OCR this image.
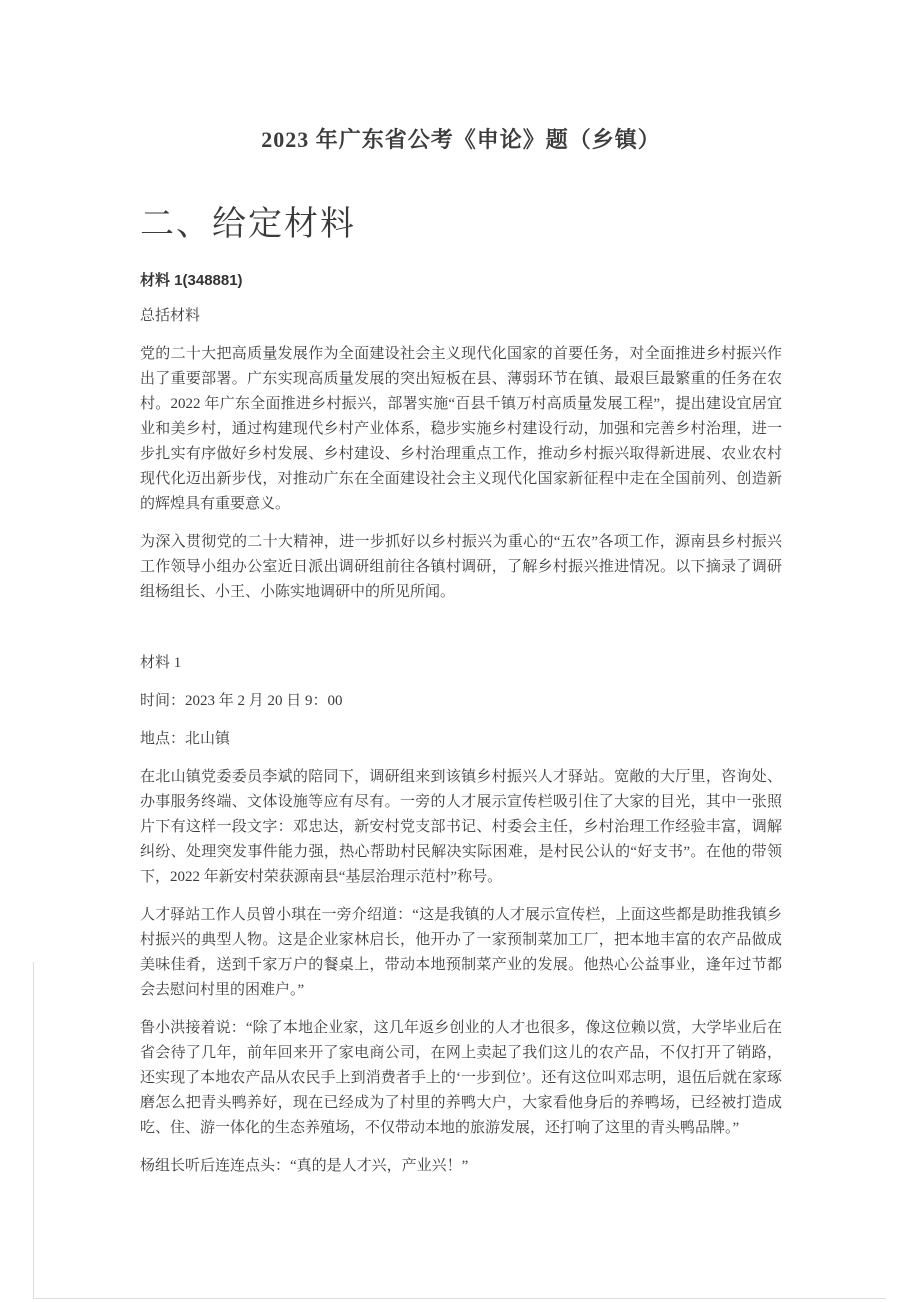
2023 年广东省公考《申论》题（乡镇）
二、给定材料

材料 1(348881)

总括材料

党的二十大把高质量发展作为全面建设社会主义现代化国家的首要任务，对全面推进乡村振兴作出了重要部署。广东实现高质量发展的突出短板在县、薄弱环节在镇、最艰巨最繁重的任务在农村。2022 年广东全面推进乡村振兴，部署实施“百县千镇万村高质量发展工程”，提出建设宜居宜业和美乡村，通过构建现代乡村产业体系，稳步实施乡村建设行动，加强和完善乡村治理，进一步扎实有序做好乡村发展、乡村建设、乡村治理重点工作，推动乡村振兴取得新进展、农业农村现代化迈出新步伐，对推动广东在全面建设社会主义现代化国家新征程中走在全国前列、创造新的辉煌具有重要意义。

为深入贯彻党的二十大精神，进一步抓好以乡村振兴为重心的“五农”各项工作，源南县乡村振兴工作领导小组办公室近日派出调研组前往各镇村调研，了解乡村振兴推进情况。以下摘录了调研组杨组长、小王、小陈实地调研中的所见所闻。

材料 1

时间：2023 年 2 月 20 日 9：00

地点：北山镇

在北山镇党委委员李斌的陪同下，调研组来到该镇乡村振兴人才驿站。宽敞的大厅里，咨询处、办事服务终端、文体设施等应有尽有。一旁的人才展示宣传栏吸引住了大家的目光，其中一张照片下有这样一段文字：邓忠达，新安村党支部书记、村委会主任，乡村治理工作经验丰富，调解纠纷、处理突发事件能力强，热心帮助村民解决实际困难，是村民公认的“好支书”。在他的带领下，2022 年新安村荣获源南县“基层治理示范村”称号。

人才驿站工作人员曾小琪在一旁介绍道：“这是我镇的人才展示宣传栏，上面这些都是助推我镇乡村振兴的典型人物。这是企业家林启长，他开办了一家预制菜加工厂，把本地丰富的农产品做成美味佳肴，送到千家万户的餐桌上，带动本地预制菜产业的发展。他热心公益事业，逢年过节都会去慰问村里的困难户。”

鲁小洪接着说：“除了本地企业家，这几年返乡创业的人才也很多，像这位赖以赏，大学毕业后在省会待了几年，前年回来开了家电商公司，在网上卖起了我们这儿的农产品，不仅打开了销路，还实现了本地农产品从农民手上到消费者手上的‘一步到位’。还有这位叫邓志明，退伍后就在家琢磨怎么把青头鸭养好，现在已经成为了村里的养鸭大户，大家看他身后的养鸭场，已经被打造成吃、住、游一体化的生态养殖场，不仅带动本地的旅游发展，还打响了这里的青头鸭品牌。”

杨组长听后连连点头：“真的是人才兴，产业兴！”
